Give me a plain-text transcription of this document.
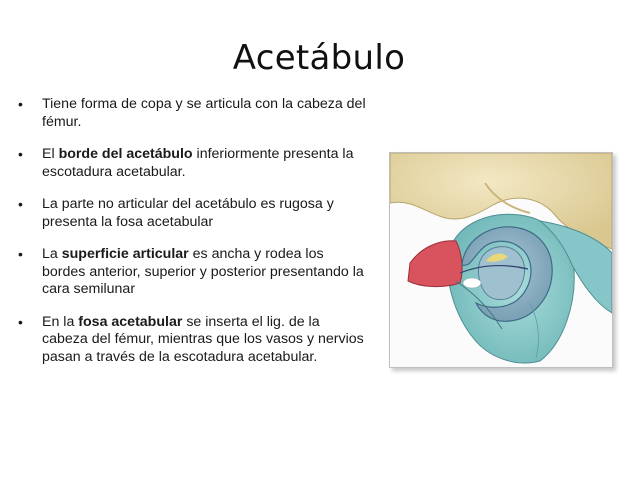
Acetábulo
• Tiene forma de copa y se articula con la cabeza del fémur.
• El borde del acetábulo inferiormente presenta la escotadura acetabular.
• La parte no articular del acetábulo es rugosa y presenta la fosa acetabular
• La superficie articular es ancha y rodea los bordes anterior, superior y posterior presentando la cara semilunar
• En la fosa acetabular se inserta el lig. de la cabeza del fémur, mientras que los vasos y nervios pasan a través de la escotadura acetabular.
